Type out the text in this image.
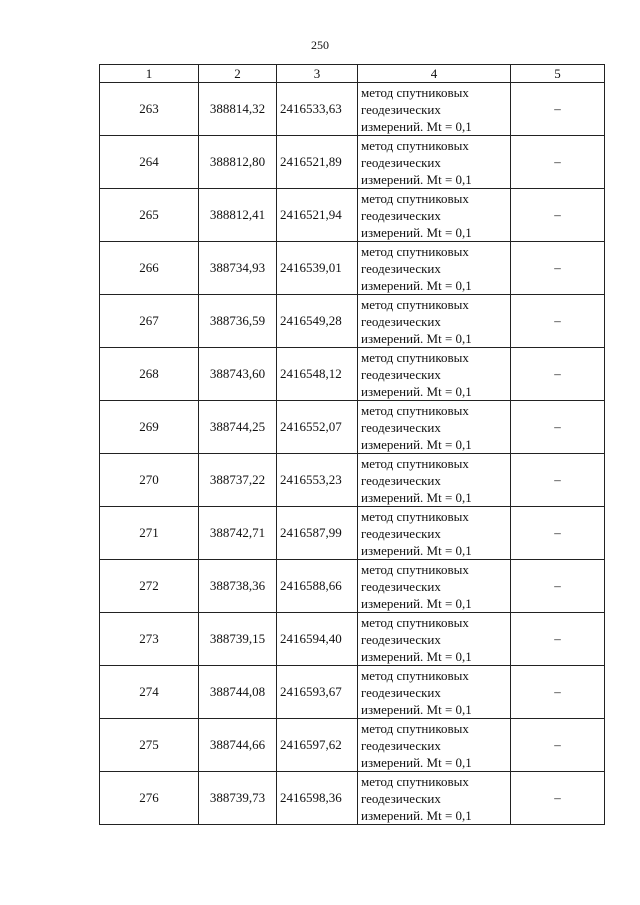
250
1	2	3	4	5
263	388814,32	2416533,63	метод спутниковых
геодезических
измерений. Mt = 0,1	–
264	388812,80	2416521,89	метод спутниковых
геодезических
измерений. Mt = 0,1	–
265	388812,41	2416521,94	метод спутниковых
геодезических
измерений. Mt = 0,1	–
266	388734,93	2416539,01	метод спутниковых
геодезических
измерений. Mt = 0,1	–
267	388736,59	2416549,28	метод спутниковых
геодезических
измерений. Mt = 0,1	–
268	388743,60	2416548,12	метод спутниковых
геодезических
измерений. Mt = 0,1	–
269	388744,25	2416552,07	метод спутниковых
геодезических
измерений. Mt = 0,1	–
270	388737,22	2416553,23	метод спутниковых
геодезических
измерений. Mt = 0,1	–
271	388742,71	2416587,99	метод спутниковых
геодезических
измерений. Mt = 0,1	–
272	388738,36	2416588,66	метод спутниковых
геодезических
измерений. Mt = 0,1	–
273	388739,15	2416594,40	метод спутниковых
геодезических
измерений. Mt = 0,1	–
274	388744,08	2416593,67	метод спутниковых
геодезических
измерений. Mt = 0,1	–
275	388744,66	2416597,62	метод спутниковых
геодезических
измерений. Mt = 0,1	–
276	388739,73	2416598,36	метод спутниковых
геодезических
измерений. Mt = 0,1	–
